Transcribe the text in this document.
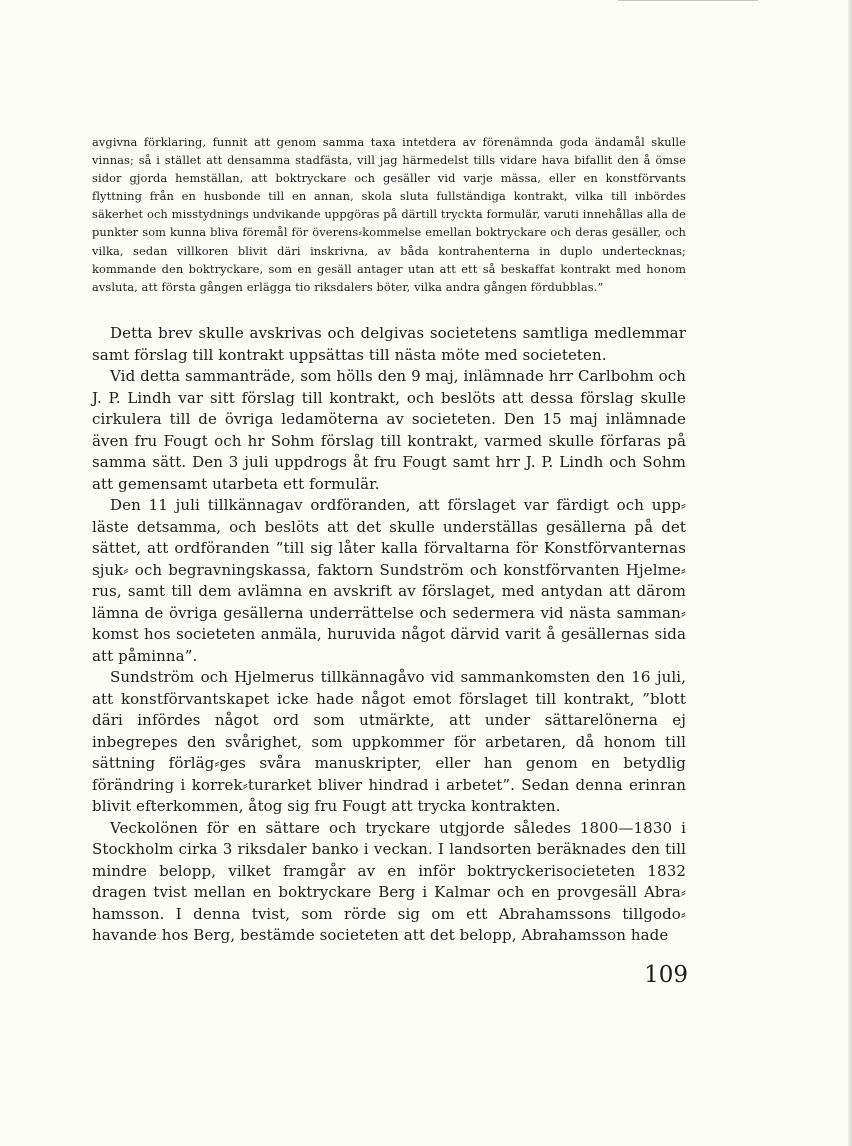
avgivna förklaring, funnit att genom samma taxa intetdera av förenämnda goda ändamål skulle vinnas; så i stället att densamma stadfästa, vill jag härmedelst tills vidare hava bifallit den å ömse sidor gjorda hemställan, att boktryckare och gesäller vid varje mässa, eller en konstförvants flyttning från en husbonde till en annan, skola sluta fullständiga kontrakt, vilka till inbördes säkerhet och misstydnings undvikande uppgöras på därtill tryckta formulär, varuti innehållas alla de punkter som kunna bliva föremål för överens⸗kommelse emellan boktryckare och deras gesäller, och vilka, sedan villkoren blivit däri inskrivna, av båda kontrahenterna in duplo undertecknas; kommande den boktryckare, som en gesäll antager utan att ett så beskaffat kontrakt med honom avsluta, att första gången erlägga tio riksdalers böter, vilka andra gången fördubblas.”

Detta brev skulle avskrivas och delgivas societetens samtliga medlemmar samt förslag till kontrakt uppsättas till nästa möte med societeten.

Vid detta sammanträde, som hölls den 9 maj, inlämnade hrr Carlbohm och J. P. Lindh var sitt förslag till kontrakt, och beslöts att dessa förslag skulle cirkulera till de övriga ledamöterna av societeten. Den 15 maj inlämnade även fru Fougt och hr Sohm förslag till kontrakt, varmed skulle förfaras på samma sätt. Den 3 juli uppdrogs åt fru Fougt samt hrr J. P. Lindh och Sohm att gemensamt utarbeta ett formulär.

Den 11 juli tillkännagav ordföranden, att förslaget var färdigt och upp⸗läste detsamma, och beslöts att det skulle underställas gesällerna på det sättet, att ordföranden ”till sig låter kalla förvaltarna för Konstförvanternas sjuk⸗ och begravningskassa, faktorn Sundström och konstförvanten Hjelme⸗rus, samt till dem avlämna en avskrift av förslaget, med antydan att därom lämna de övriga gesällerna underrättelse och sedermera vid nästa samman⸗komst hos societeten anmäla, huruvida något därvid varit å gesällernas sida att påminna”.

Sundström och Hjelmerus tillkännagåvo vid sammankomsten den 16 juli, att konstförvantskapet icke hade något emot förslaget till kontrakt, ”blott däri infördes något ord som utmärkte, att under sättarelönerna ej inbegrepes den svårighet, som uppkommer för arbetaren, då honom till sättning förläg⸗ges svåra manuskripter, eller han genom en betydlig förändring i korrek⸗turarket bliver hindrad i arbetet”. Sedan denna erinran blivit efterkommen, åtog sig fru Fougt att trycka kontrakten.

Veckolönen för en sättare och tryckare utgjorde således 1800—1830 i Stockholm cirka 3 riksdaler banko i veckan. I landsorten beräknades den till mindre belopp, vilket framgår av en inför boktryckerisocieteten 1832 dragen tvist mellan en boktryckare Berg i Kalmar och en provgesäll Abra⸗hamsson. I denna tvist, som rörde sig om ett Abrahamssons tillgodo⸗havande hos Berg, bestämde societeten att det belopp, Abrahamsson hade

109
